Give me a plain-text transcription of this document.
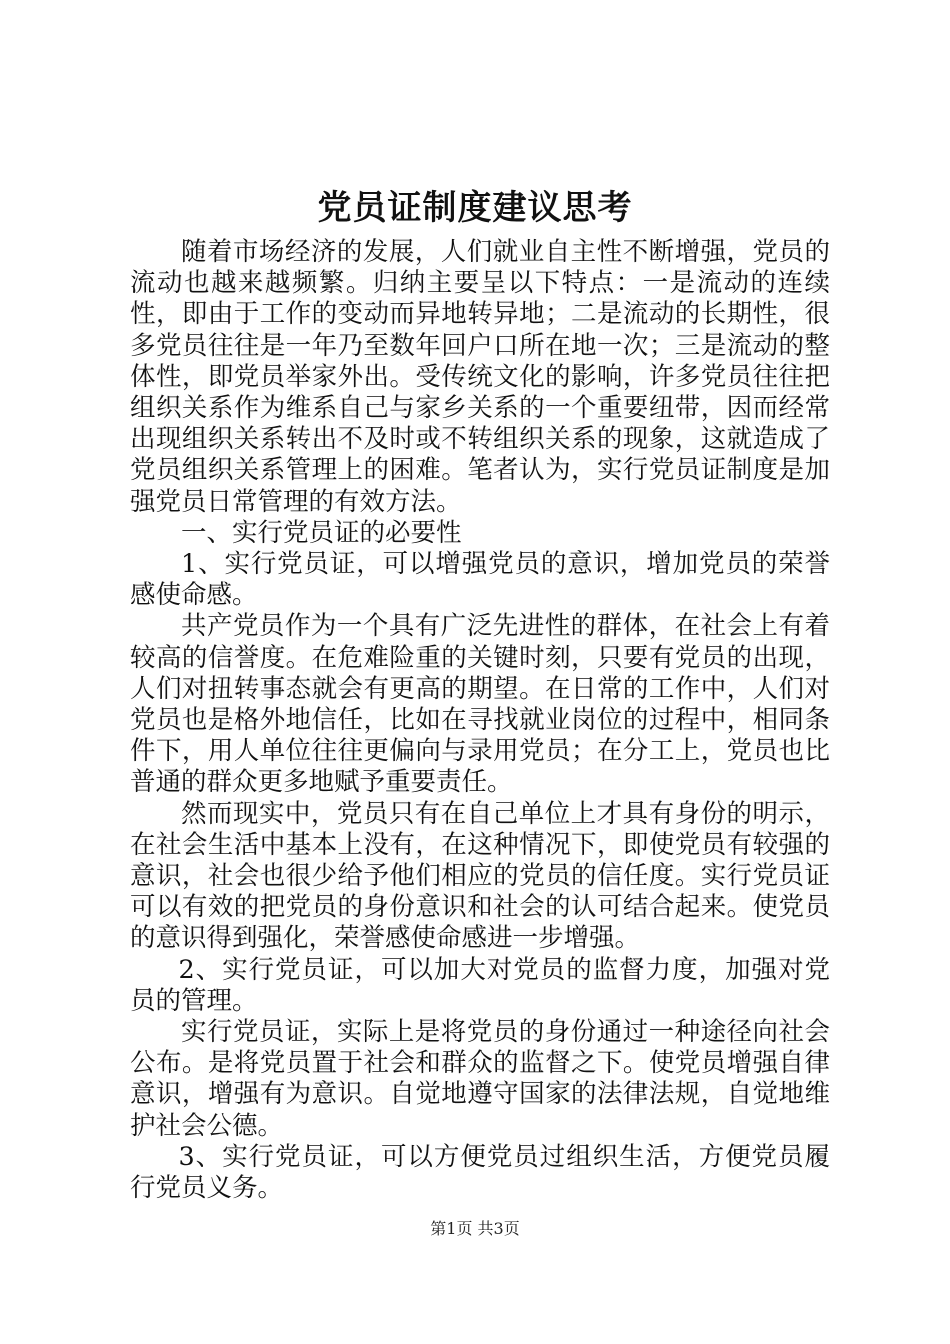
党员证制度建议思考

随着市场经济的发展，人们就业自主性不断增强，党员的流动也越来越频繁。归纳主要呈以下特点：一是流动的连续性，即由于工作的变动而异地转异地；二是流动的长期性，很多党员往往是一年乃至数年回户口所在地一次；三是流动的整体性，即党员举家外出。受传统文化的影响，许多党员往往把组织关系作为维系自己与家乡关系的一个重要纽带，因而经常出现组织关系转出不及时或不转组织关系的现象，这就造成了党员组织关系管理上的困难。笔者认为，实行党员证制度是加强党员日常管理的有效方法。

一、实行党员证的必要性

1、实行党员证，可以增强党员的意识，增加党员的荣誉感使命感。

共产党员作为一个具有广泛先进性的群体，在社会上有着较高的信誉度。在危难险重的关键时刻，只要有党员的出现，人们对扭转事态就会有更高的期望。在日常的工作中，人们对党员也是格外地信任，比如在寻找就业岗位的过程中，相同条件下，用人单位往往更偏向与录用党员；在分工上，党员也比普通的群众更多地赋予重要责任。

然而现实中，党员只有在自己单位上才具有身份的明示，在社会生活中基本上没有，在这种情况下，即使党员有较强的意识，社会也很少给予他们相应的党员的信任度。实行党员证可以有效的把党员的身份意识和社会的认可结合起来。使党员的意识得到强化，荣誉感使命感进一步增强。

2、实行党员证，可以加大对党员的监督力度，加强对党员的管理。

实行党员证，实际上是将党员的身份通过一种途径向社会公布。是将党员置于社会和群众的监督之下。使党员增强自律意识，增强有为意识。自觉地遵守国家的法律法规，自觉地维护社会公德。

3、实行党员证，可以方便党员过组织生活，方便党员履行党员义务。

第1页 共3页
